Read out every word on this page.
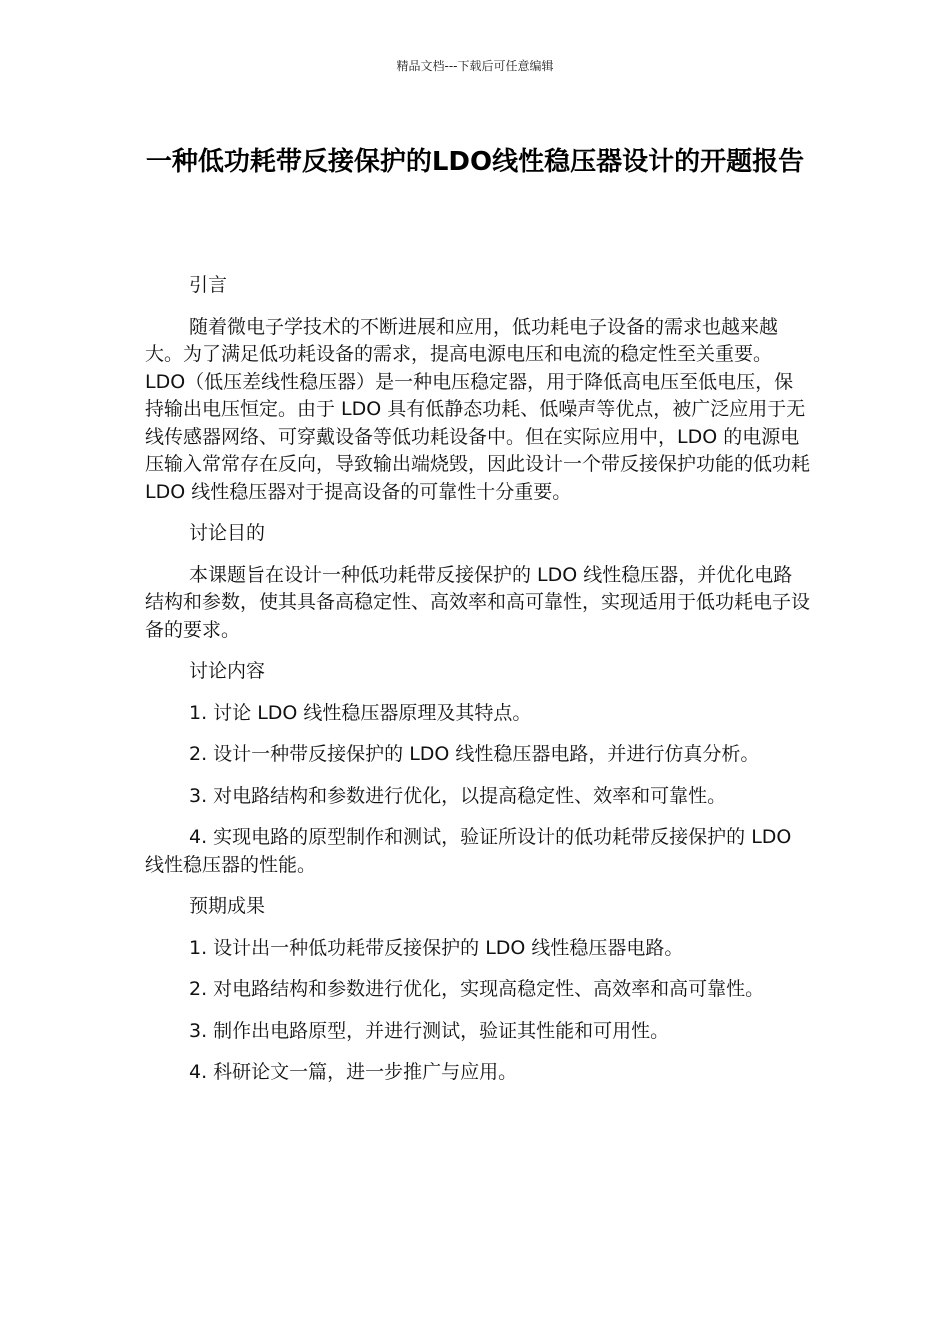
精品文档---下载后可任意编辑
一种低功耗带反接保护的LDO线性稳压器设计的开题报告

引言

随着微电子学技术的不断进展和应用，低功耗电子设备的需求也越来越大。为了满足低功耗设备的需求，提高电源电压和电流的稳定性至关重要。LDO（低压差线性稳压器）是一种电压稳定器，用于降低高电压至低电压，保持输出电压恒定。由于 LDO 具有低静态功耗、低噪声等优点，被广泛应用于无线传感器网络、可穿戴设备等低功耗设备中。但在实际应用中，LDO 的电源电压输入常常存在反向，导致输出端烧毁，因此设计一个带反接保护功能的低功耗 LDO 线性稳压器对于提高设备的可靠性十分重要。

讨论目的

本课题旨在设计一种低功耗带反接保护的 LDO 线性稳压器，并优化电路结构和参数，使其具备高稳定性、高效率和高可靠性，实现适用于低功耗电子设备的要求。

讨论内容

1. 讨论 LDO 线性稳压器原理及其特点。

2. 设计一种带反接保护的 LDO 线性稳压器电路，并进行仿真分析。

3. 对电路结构和参数进行优化，以提高稳定性、效率和可靠性。

4. 实现电路的原型制作和测试，验证所设计的低功耗带反接保护的 LDO 线性稳压器的性能。

预期成果

1. 设计出一种低功耗带反接保护的 LDO 线性稳压器电路。

2. 对电路结构和参数进行优化，实现高稳定性、高效率和高可靠性。

3. 制作出电路原型，并进行测试，验证其性能和可用性。

4. 科研论文一篇，进一步推广与应用。
